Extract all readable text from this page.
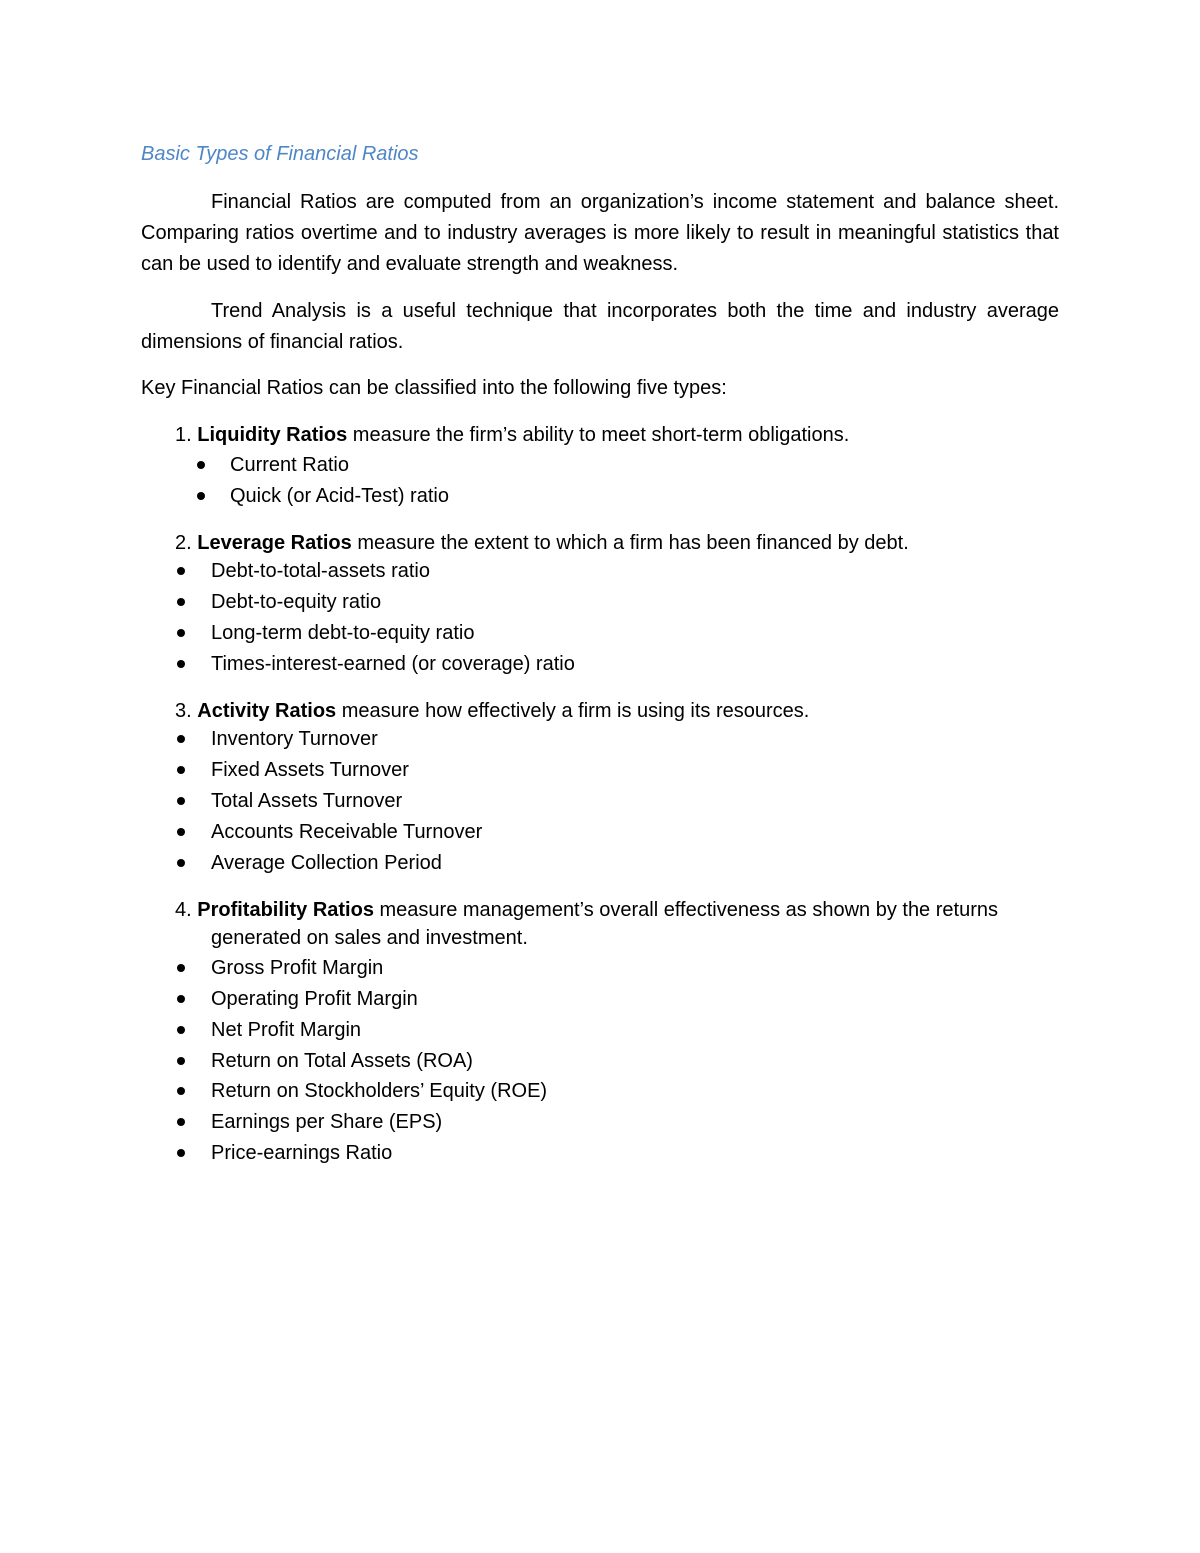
Basic Types of Financial Ratios
Financial Ratios are computed from an organization’s income statement and balance sheet. Comparing ratios overtime and to industry averages is more likely to result in meaningful statistics that can be used to identify and evaluate strength and weakness.
Trend Analysis is a useful technique that incorporates both the time and industry average dimensions of financial ratios.
Key Financial Ratios can be classified into the following five types:
1. Liquidity Ratios measure the firm’s ability to meet short-term obligations.
Current Ratio
Quick (or Acid-Test) ratio
2. Leverage Ratios measure the extent to which a firm has been financed by debt.
Debt-to-total-assets ratio
Debt-to-equity ratio
Long-term debt-to-equity ratio
Times-interest-earned (or coverage) ratio
3. Activity Ratios measure how effectively a firm is using its resources.
Inventory Turnover
Fixed Assets Turnover
Total Assets Turnover
Accounts Receivable Turnover
Average Collection Period
4. Profitability Ratios measure management’s overall effectiveness as shown by the returns
generated on sales and investment.
Gross Profit Margin
Operating Profit Margin
Net Profit Margin
Return on Total Assets (ROA)
Return on Stockholders’ Equity (ROE)
Earnings per Share (EPS)
Price-earnings Ratio
